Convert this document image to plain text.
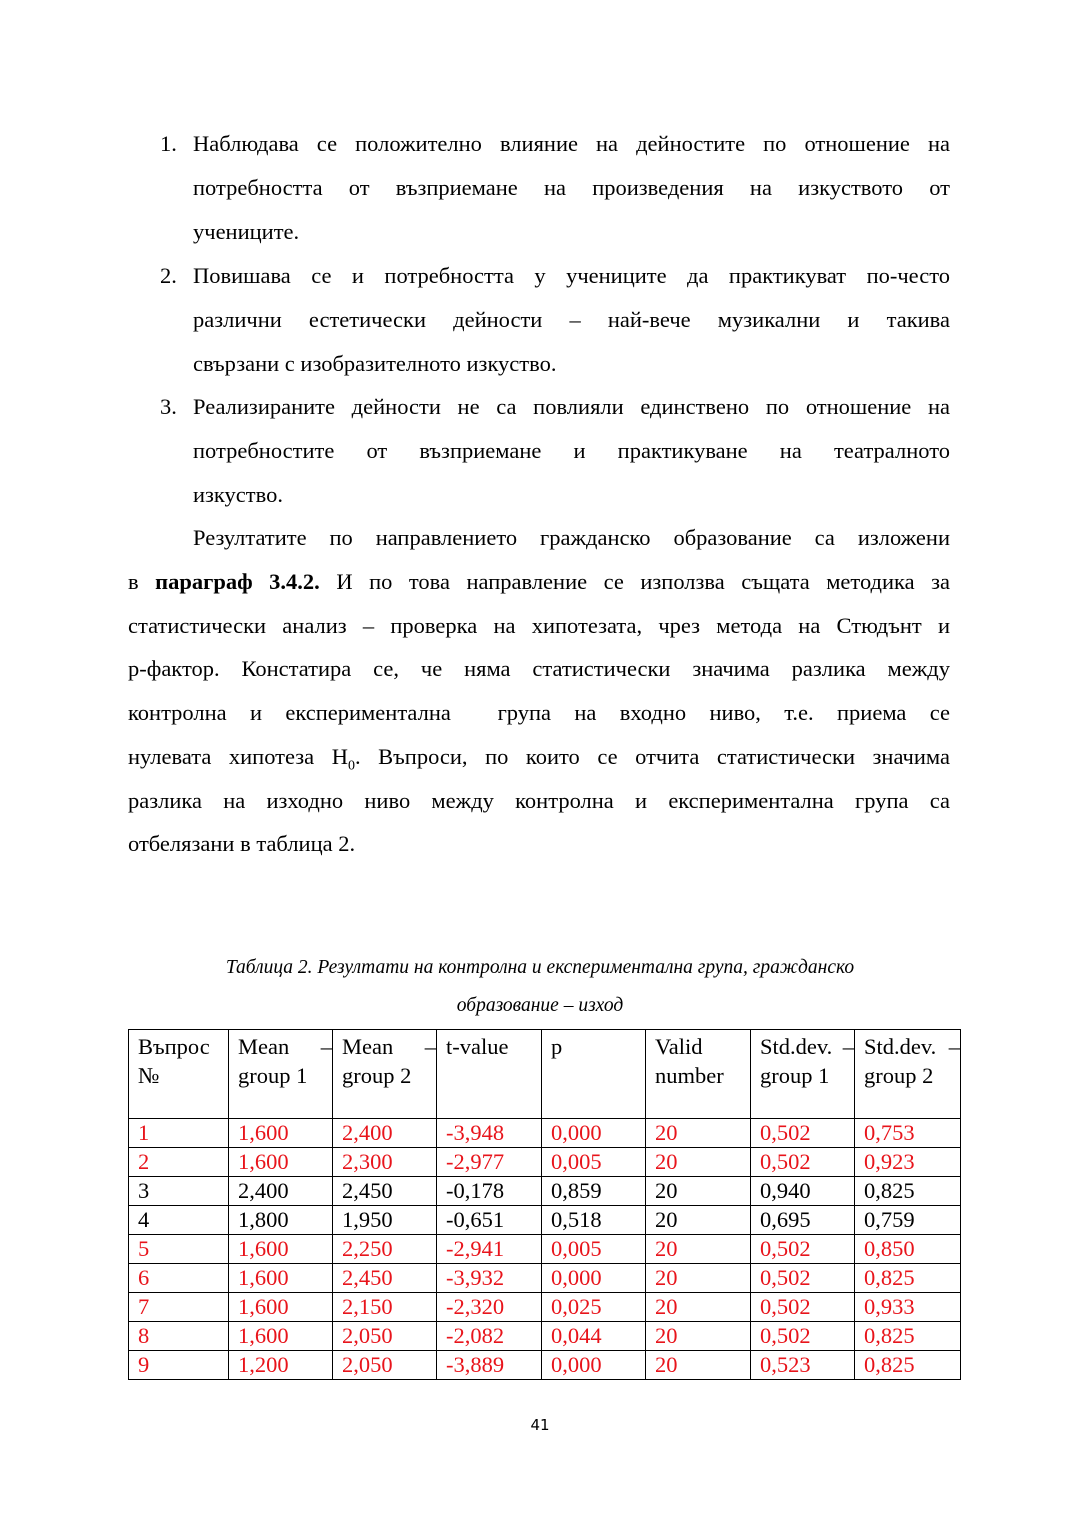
1. Наблюдава се положително влияние на дейностите по отношение на
потребността от възприемане на произведения на изкуството от
учениците.
2. Повишава се и потребността у учениците да практикуват по-често
различни естетически дейности – най-вече музикални и такива
свързани с изобразителното изкуство.
3. Реализираните дейности не са повлияли единствено по отношение на
потребностите от възприемане и практикуване на театралното
изкуство.
Резултатите по направлението гражданско образование са изложени
в параграф 3.4.2. И по това направление се използва същата методика за
статистически анализ – проверка на хипотезата, чрез метода на Стюдънт и
p-фактор. Констатира се, че няма статистически значима разлика между
контролна и експериментална  група на входно ниво, т.е. приема се
нулевата хипотеза $H_0$. Въпроси, по които се отчита статистически значима
разлика на изходно ниво между контролна и експериментална група са
отбелязани в таблица 2.
Таблица 2. Резултати на контролна и експериментална група, гражданско
образование – изход
Въпрос №	Mean – group 1	Mean – group 2	t-value	p	Valid number	Std.dev. – group 1	Std.dev. – group 2
1	1,600	2,400	-3,948	0,000	20	0,502	0,753
2	1,600	2,300	-2,977	0,005	20	0,502	0,923
3	2,400	2,450	-0,178	0,859	20	0,940	0,825
4	1,800	1,950	-0,651	0,518	20	0,695	0,759
5	1,600	2,250	-2,941	0,005	20	0,502	0,850
6	1,600	2,450	-3,932	0,000	20	0,502	0,825
7	1,600	2,150	-2,320	0,025	20	0,502	0,933
8	1,600	2,050	-2,082	0,044	20	0,502	0,825
9	1,200	2,050	-3,889	0,000	20	0,523	0,825
41
